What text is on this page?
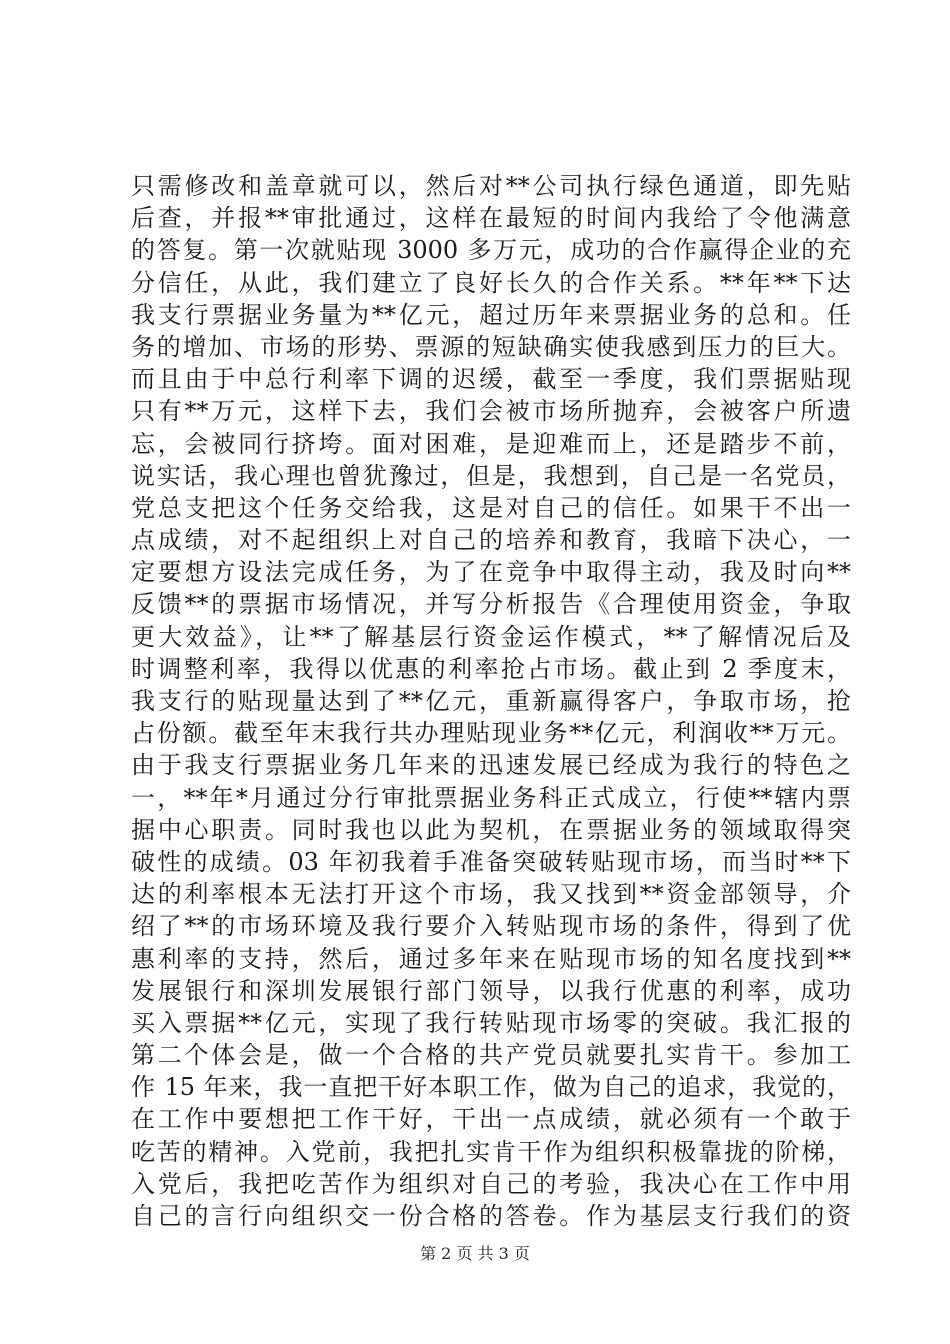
只需修改和盖章就可以，然后对**公司执行绿色通道，即先贴
后查，并报**审批通过，这样在最短的时间内我给了令他满意
的答复。第一次就贴现 3000 多万元，成功的合作赢得企业的充
分信任，从此，我们建立了良好长久的合作关系。**年**下达
我支行票据业务量为**亿元，超过历年来票据业务的总和。任
务的增加、市场的形势、票源的短缺确实使我感到压力的巨大。
而且由于中总行利率下调的迟缓，截至一季度，我们票据贴现
只有**万元，这样下去，我们会被市场所抛弃，会被客户所遗
忘，会被同行挤垮。面对困难，是迎难而上，还是踏步不前，
说实话，我心理也曾犹豫过，但是，我想到，自己是一名党员，
党总支把这个任务交给我，这是对自己的信任。如果干不出一
点成绩，对不起组织上对自己的培养和教育，我暗下决心，一
定要想方设法完成任务，为了在竞争中取得主动，我及时向**
反馈**的票据市场情况，并写分析报告《合理使用资金，争取
更大效益》，让**了解基层行资金运作模式，**了解情况后及
时调整利率，我得以优惠的利率抢占市场。截止到 2 季度末，
我支行的贴现量达到了**亿元，重新赢得客户，争取市场，抢
占份额。截至年末我行共办理贴现业务**亿元，利润收**万元。
由于我支行票据业务几年来的迅速发展已经成为我行的特色之
一，**年*月通过分行审批票据业务科正式成立，行使**辖内票
据中心职责。同时我也以此为契机，在票据业务的领域取得突
破性的成绩。03 年初我着手准备突破转贴现市场，而当时**下
达的利率根本无法打开这个市场，我又找到**资金部领导，介
绍了**的市场环境及我行要介入转贴现市场的条件，得到了优
惠利率的支持，然后，通过多年来在贴现市场的知名度找到**
发展银行和深圳发展银行部门领导，以我行优惠的利率，成功
买入票据**亿元，实现了我行转贴现市场零的突破。我汇报的
第二个体会是，做一个合格的共产党员就要扎实肯干。参加工
作 15 年来，我一直把干好本职工作，做为自己的追求，我觉的，
在工作中要想把工作干好，干出一点成绩，就必须有一个敢于
吃苦的精神。入党前，我把扎实肯干作为组织积极靠拢的阶梯，
入党后，我把吃苦作为组织对自己的考验，我决心在工作中用
自己的言行向组织交一份合格的答卷。作为基层支行我们的资
第 2 页 共 3 页
